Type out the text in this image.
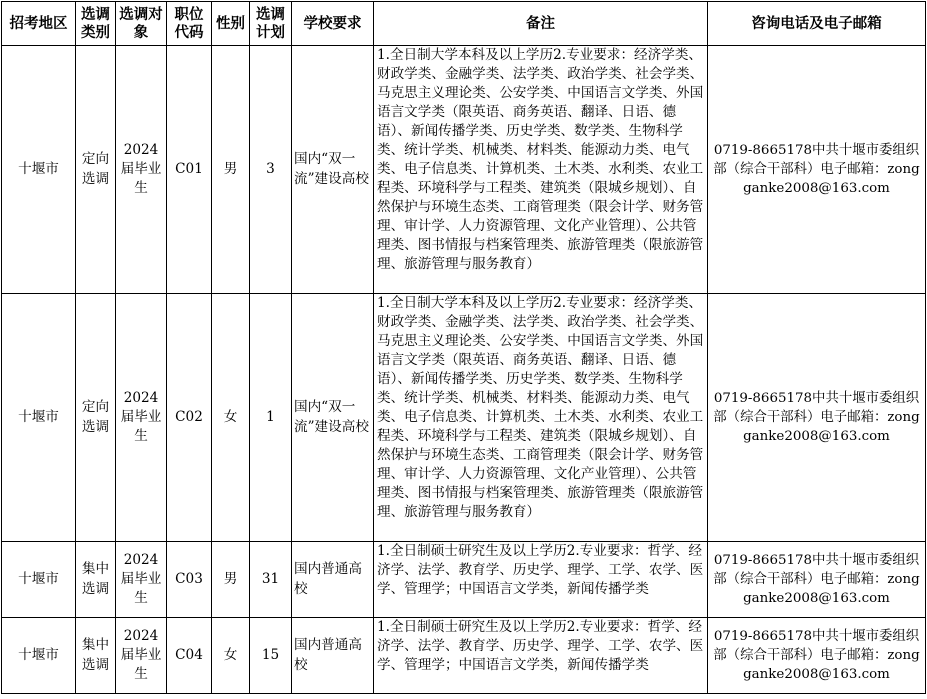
招考地区	选调类别	选调对象	职位代码	性别	选调计划	学校要求	备注	咨询电话及电子邮箱
十堰市	定向选调	2024届毕业生	C01	男	3	国内“双一流”建设高校	1.全日制大学本科及以上学历2.专业要求：经济学类、财政学类、金融学类、法学类、政治学类、社会学类、马克思主义理论类、公安学类、中国语言文学类、外国语言文学类（限英语、商务英语、翻译、日语、德语）、新闻传播学类、历史学类、数学类、生物科学类、统计学类、机械类、材料类、能源动力类、电气类、电子信息类、计算机类、土木类、水利类、农业工程类、环境科学与工程类、建筑类（限城乡规划）、自然保护与环境生态类、工商管理类（限会计学、财务管理、审计学、人力资源管理、文化产业管理）、公共管理类、图书情报与档案管理类、旅游管理类（限旅游管理、旅游管理与服务教育）	0719-8665178中共十堰市委组织部（综合干部科）电子邮箱：zongganke2008@163.com
十堰市	定向选调	2024届毕业生	C02	女	1	国内“双一流”建设高校	1.全日制大学本科及以上学历2.专业要求：经济学类、财政学类、金融学类、法学类、政治学类、社会学类、马克思主义理论类、公安学类、中国语言文学类、外国语言文学类（限英语、商务英语、翻译、日语、德语）、新闻传播学类、历史学类、数学类、生物科学类、统计学类、机械类、材料类、能源动力类、电气类、电子信息类、计算机类、土木类、水利类、农业工程类、环境科学与工程类、建筑类（限城乡规划）、自然保护与环境生态类、工商管理类（限会计学、财务管理、审计学、人力资源管理、文化产业管理）、公共管理类、图书情报与档案管理类、旅游管理类（限旅游管理、旅游管理与服务教育）	0719-8665178中共十堰市委组织部（综合干部科）电子邮箱：zongganke2008@163.com
十堰市	集中选调	2024届毕业生	C03	男	31	国内普通高校	1.全日制硕士研究生及以上学历2.专业要求：哲学、经济学、法学、教育学、历史学、理学、工学、农学、医学、管理学；中国语言文学类，新闻传播学类	0719-8665178中共十堰市委组织部（综合干部科）电子邮箱：zongganke2008@163.com
十堰市	集中选调	2024届毕业生	C04	女	15	国内普通高校	1.全日制硕士研究生及以上学历2.专业要求：哲学、经济学、法学、教育学、历史学、理学、工学、农学、医学、管理学；中国语言文学类，新闻传播学类	0719-8665178中共十堰市委组织部（综合干部科）电子邮箱：zongganke2008@163.com
